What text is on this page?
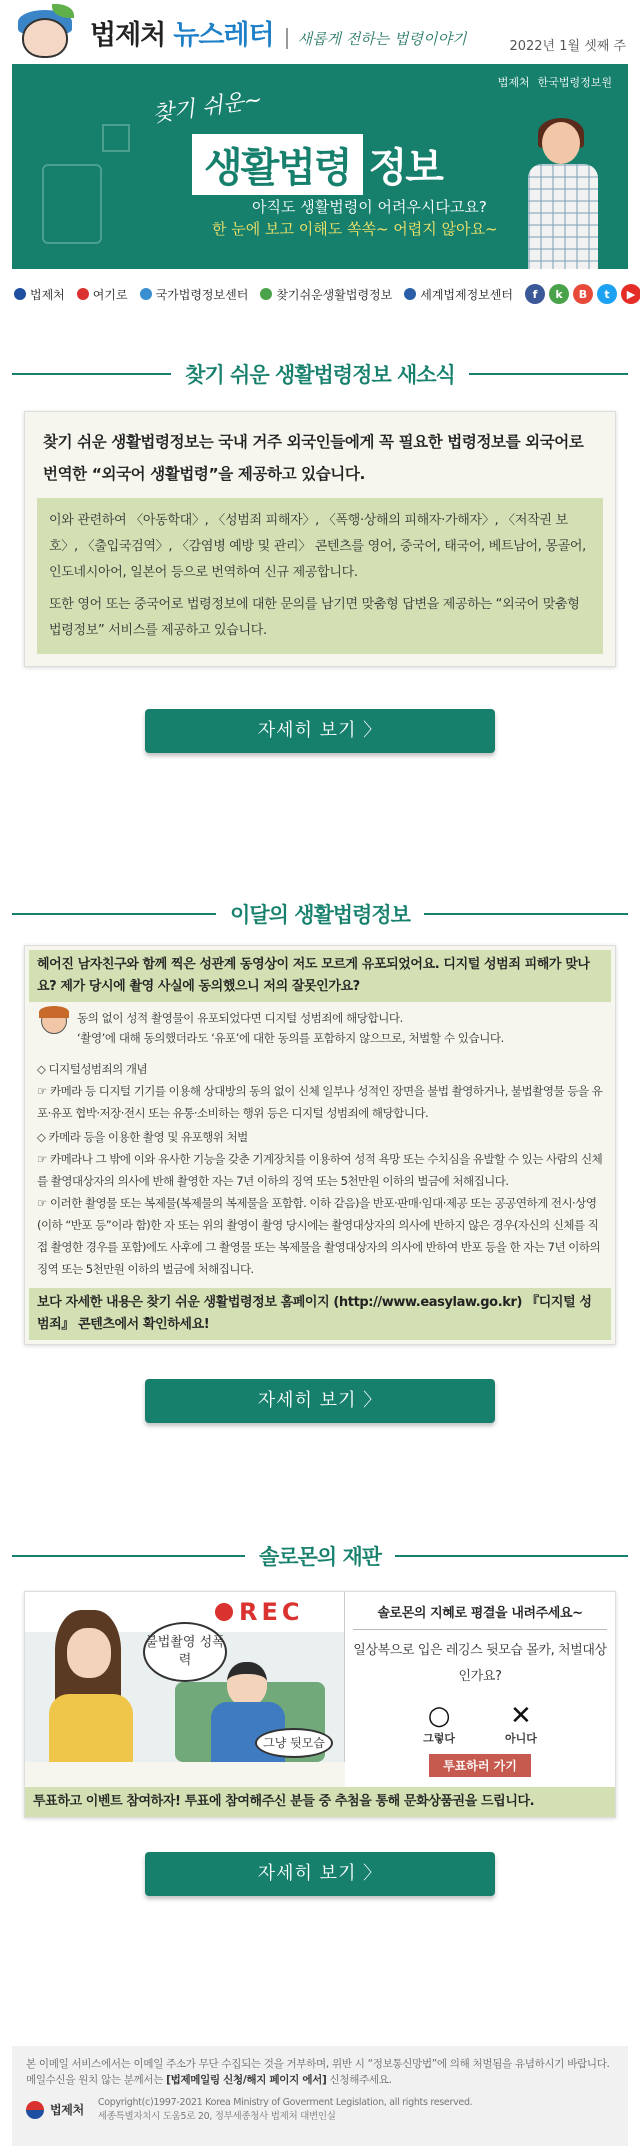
법제처 뉴스레터	새롭게 전하는 법령이야기	2022년 1월 셋째 주
법제처 한국법령정보원
찾기 쉬운~
생활법령 정보
아직도 생활법령이 어려우시다고요?
한 눈에 보고 이해도 쏙쏙~ 어렵지 않아요~
법제처 여기로 국가법령정보센터 찾기쉬운생활법령정보 세계법제정보센터	f	k	B	t	▶
찾기 쉬운 생활법령정보 새소식
찾기 쉬운 생활법령정보는 국내 거주 외국인들에게 꼭 필요한 법령정보를 외국어로 번역한 “외국어 생활법령”을 제공하고 있습니다.

이와 관련하여 〈아동학대〉, 〈성범죄 피해자〉, 〈폭행·상해의 피해자·가해자〉, 〈저작권 보호〉, 〈출입국검역〉, 〈감염병 예방 및 관리〉 콘텐츠를 영어, 중국어, 태국어, 베트남어, 몽골어, 인도네시아어, 일본어 등으로 번역하여 신규 제공합니다.

또한 영어 또는 중국어로 법령정보에 대한 문의를 남기면 맞춤형 답변을 제공하는 “외국어 맞춤형 법령정보” 서비스를 제공하고 있습니다.

자세히 보기 〉
이달의 생활법령정보
헤어진 남자친구와 함께 찍은 성관계 동영상이 저도 모르게 유포되었어요. 디지털 성범죄 피해가 맞나요? 제가 당시에 촬영 사실에 동의했으니 저의 잘못인가요?
동의 없이 성적 촬영물이 유포되었다면 디지털 성범죄에 해당합니다.
‘촬영’에 대해 동의했더라도 ‘유포’에 대한 동의를 포함하지 않으므로, 처벌할 수 있습니다.
◇ 디지털성범죄의 개념
☞ 카메라 등 디지털 기기를 이용해 상대방의 동의 없이 신체 일부나 성적인 장면을 불법 촬영하거나, 불법촬영물 등을 유포·유포 협박·저장·전시 또는 유통·소비하는 행위 등은 디지털 성범죄에 해당합니다.
◇ 카메라 등을 이용한 촬영 및 유포행위 처벌
☞ 카메라나 그 밖에 이와 유사한 기능을 갖춘 기계장치를 이용하여 성적 욕망 또는 수치심을 유발할 수 있는 사람의 신체를 촬영대상자의 의사에 반해 촬영한 자는 7년 이하의 징역 또는 5천만원 이하의 벌금에 처해집니다.
☞ 이러한 촬영물 또는 복제물(복제물의 복제물을 포함함. 이하 같음)을 반포·판매·임대·제공 또는 공공연하게 전시·상영(이하 “반포 등”이라 함)한 자 또는 위의 촬영이 촬영 당시에는 촬영대상자의 의사에 반하지 않은 경우(자신의 신체를 직접 촬영한 경우를 포함)에도 사후에 그 촬영물 또는 복제물을 촬영대상자의 의사에 반하여 반포 등을 한 자는 7년 이하의 징역 또는 5천만원 이하의 벌금에 처해집니다.
보다 자세한 내용은 찾기 쉬운 생활법령정보 홈페이지 (http://www.easylaw.go.kr) 『디지털 성범죄』 콘텐츠에서 확인하세요!
자세히 보기 〉
솔로몬의 재판
REC
불법촬영 성폭력
그냥 뒷모습
솔로몬의 지혜로 평결을 내려주세요~
일상복으로 입은 레깅스 뒷모습 몰카, 처벌대상인가요?
○
그렇다
✕
아니다
투표하러 가기
투표하고 이벤트 참여하자! 투표에 참여해주신 분들 중 추첨을 통해 문화상품권을 드립니다.
자세히 보기 〉
본 이메일 서비스에서는 이메일 주소가 무단 수집되는 것을 거부하며, 위반 시 “정보통신망법”에 의해 처벌됨을 유념하시기 바랍니다. 메일수신을 원치 않는 분께서는 [법제메일링 신청/해지 페이지 에서] 신청해주세요.
법제처
Copyright(c)1997-2021 Korea Ministry of Goverment Legislation, all rights reserved.
세종특별자치시 도움5로 20, 정부세종청사 법제처 대변인실
